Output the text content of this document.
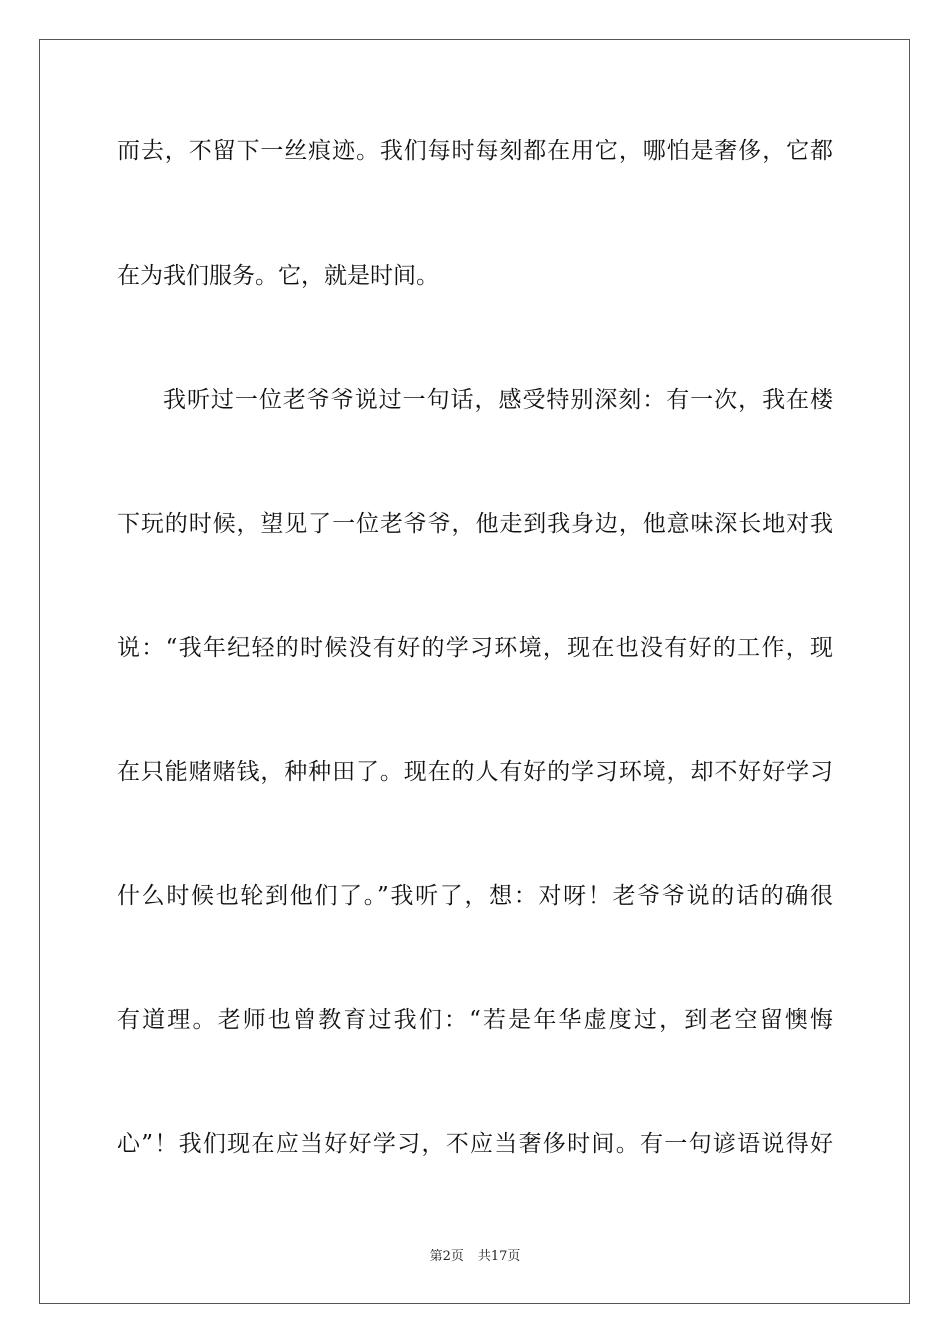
而去，不留下一丝痕迹。我们每时每刻都在用它，哪怕是奢侈，它都
在为我们服务。它，就是时间。
我听过一位老爷爷说过一句话，感受特别深刻：有一次，我在楼
下玩的时候，望见了一位老爷爷，他走到我身边，他意味深长地对我
说：“我年纪轻的时候没有好的学习环境，现在也没有好的工作，现
在只能赌赌钱，种种田了。现在的人有好的学习环境，却不好好学习
什么时候也轮到他们了。”我听了，想：对呀！老爷爷说的话的确很
有道理。老师也曾教育过我们：“若是年华虚度过，到老空留懊悔
心”！我们现在应当好好学习，不应当奢侈时间。有一句谚语说得好
第2页 共17页
